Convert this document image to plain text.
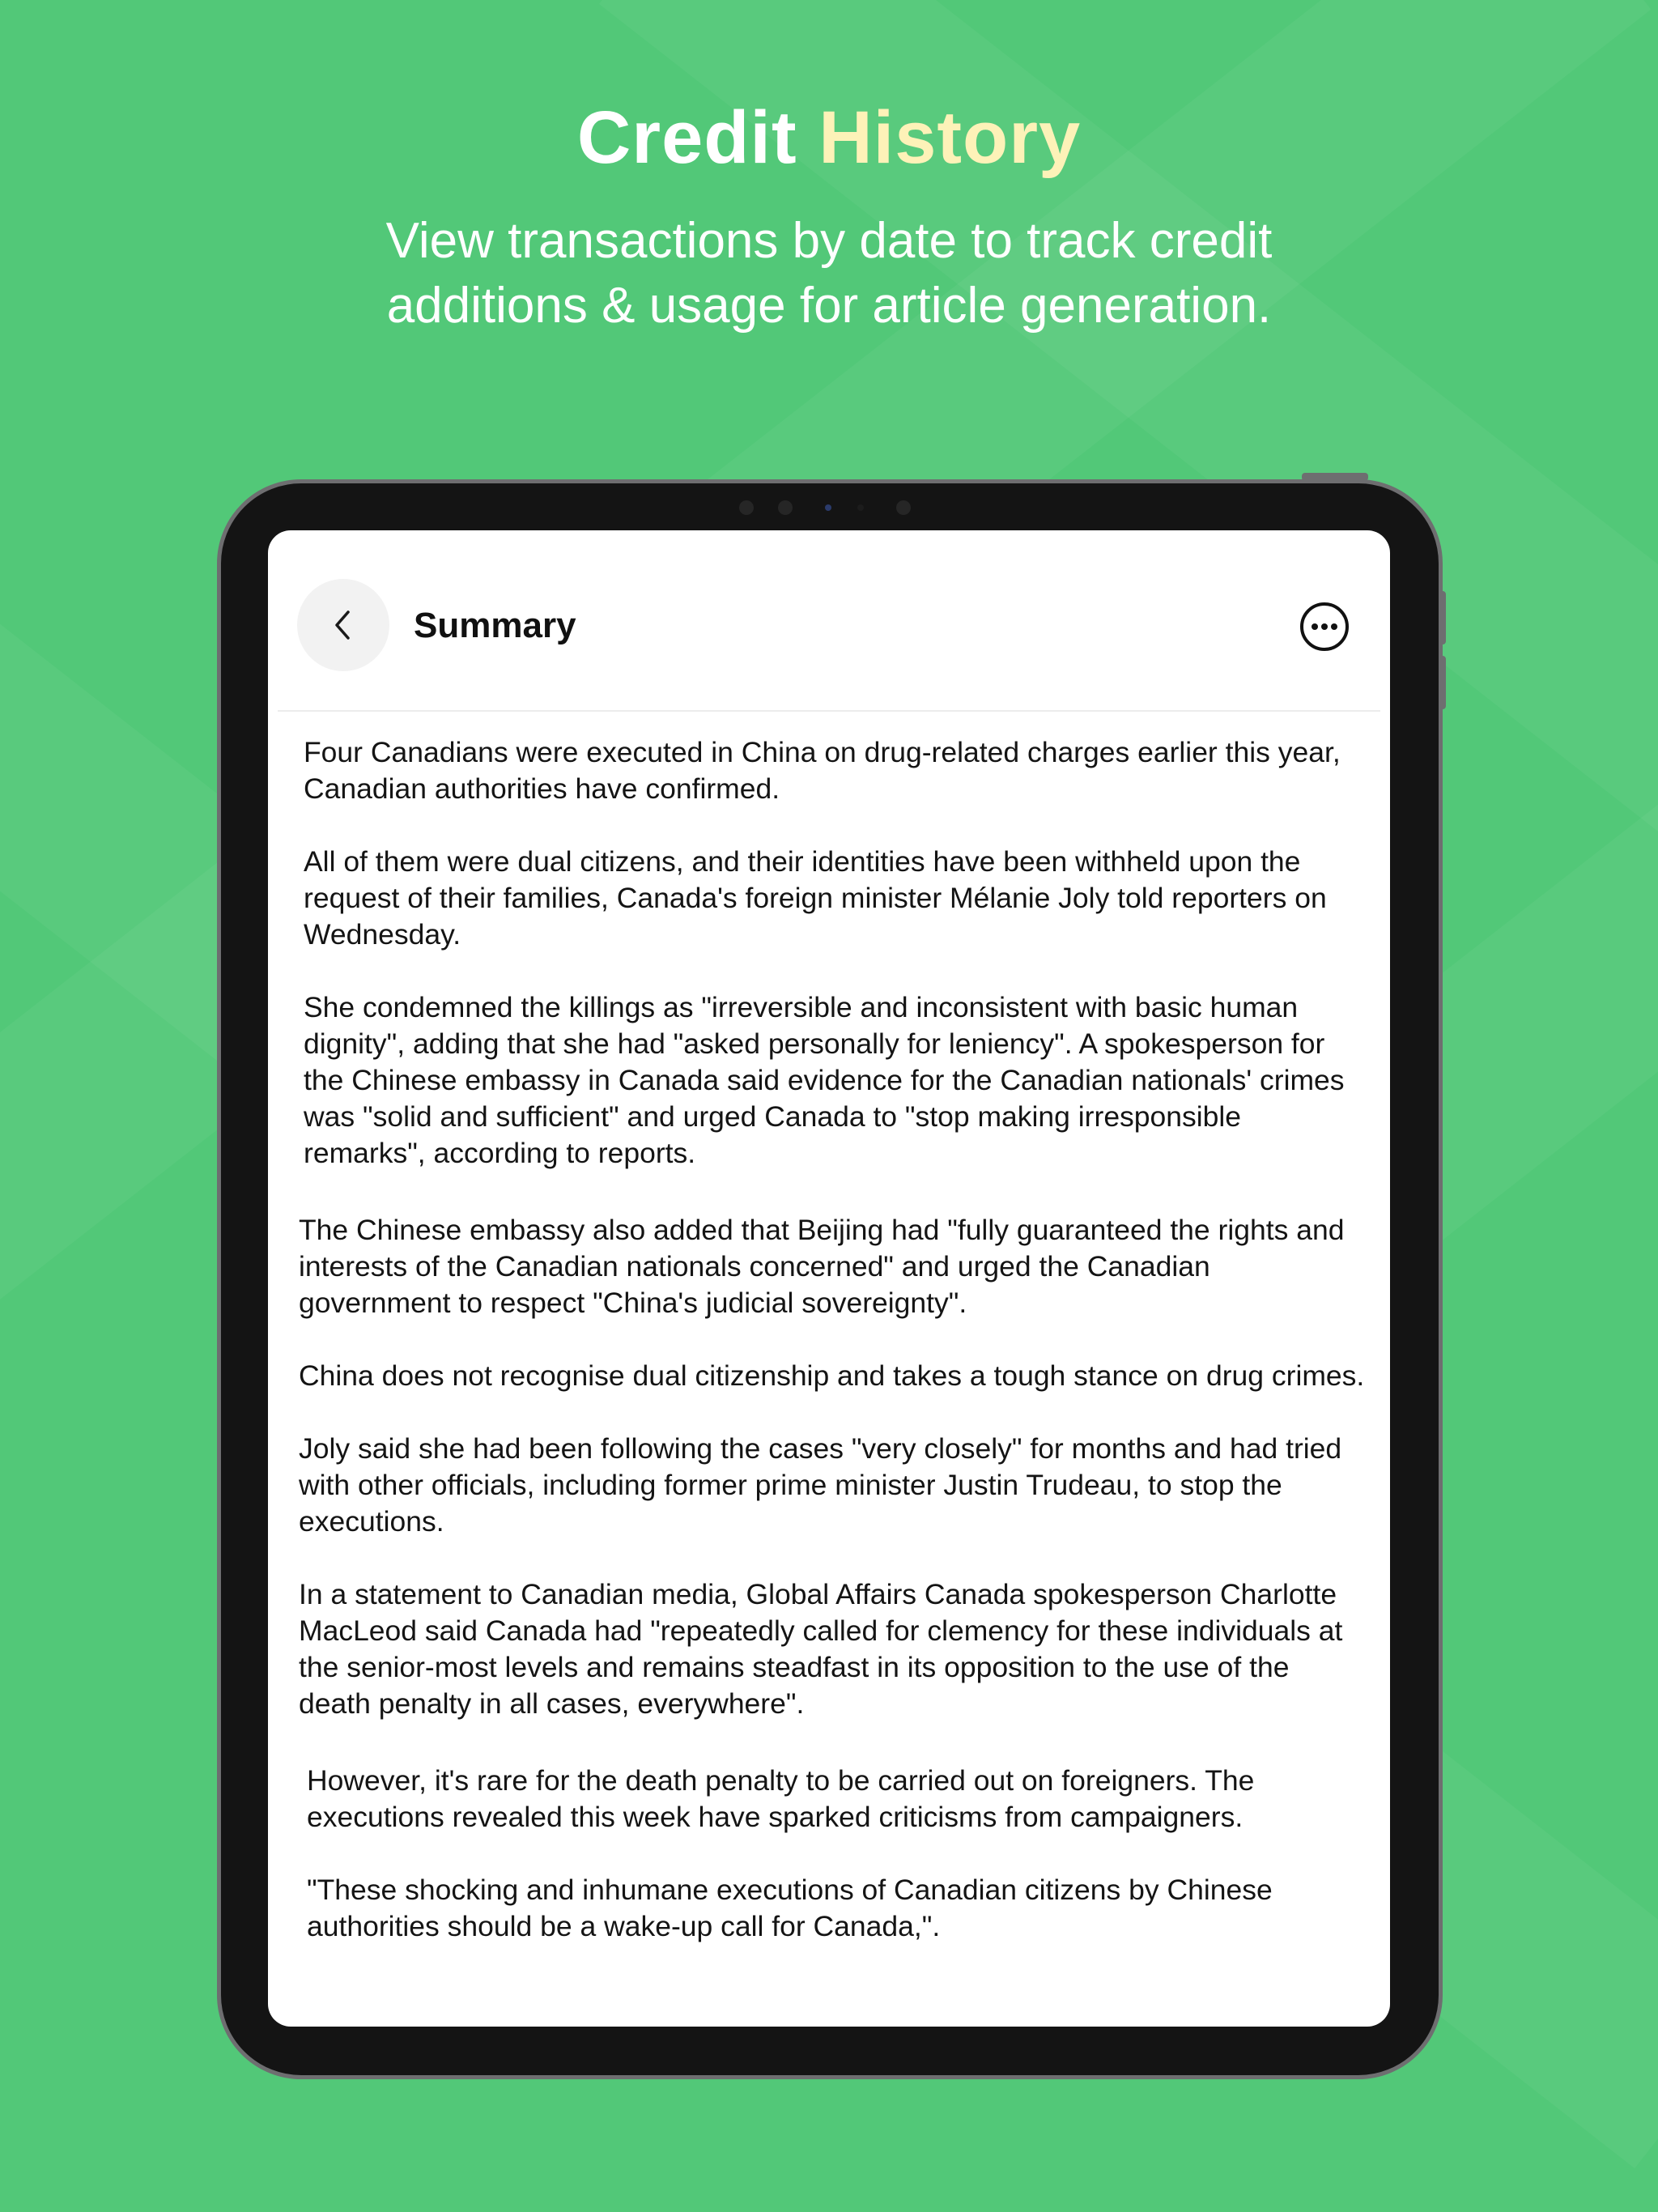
Credit History
View transactions by date to track credit additions & usage for article generation.
Summary

Four Canadians were executed in China on drug-related charges earlier this year, Canadian authorities have confirmed.

All of them were dual citizens, and their identities have been withheld upon the request of their families, Canada's foreign minister Mélanie Joly told reporters on Wednesday.

She condemned the killings as "irreversible and inconsistent with basic human dignity", adding that she had "asked personally for leniency". A spokesperson for the Chinese embassy in Canada said evidence for the Canadian nationals' crimes was "solid and sufficient" and urged Canada to "stop making irresponsible remarks", according to reports.

The Chinese embassy also added that Beijing had "fully guaranteed the rights and interests of the Canadian nationals concerned" and urged the Canadian government to respect "China's judicial sovereignty".

China does not recognise dual citizenship and takes a tough stance on drug crimes.

Joly said she had been following the cases "very closely" for months and had tried with other officials, including former prime minister Justin Trudeau, to stop the executions.

In a statement to Canadian media, Global Affairs Canada spokesperson Charlotte MacLeod said Canada had "repeatedly called for clemency for these individuals at the senior-most levels and remains steadfast in its opposition to the use of the death penalty in all cases, everywhere".

However, it's rare for the death penalty to be carried out on foreigners. The executions revealed this week have sparked criticisms from campaigners.

"These shocking and inhumane executions of Canadian citizens by Chinese authorities should be a wake-up call for Canada,".
